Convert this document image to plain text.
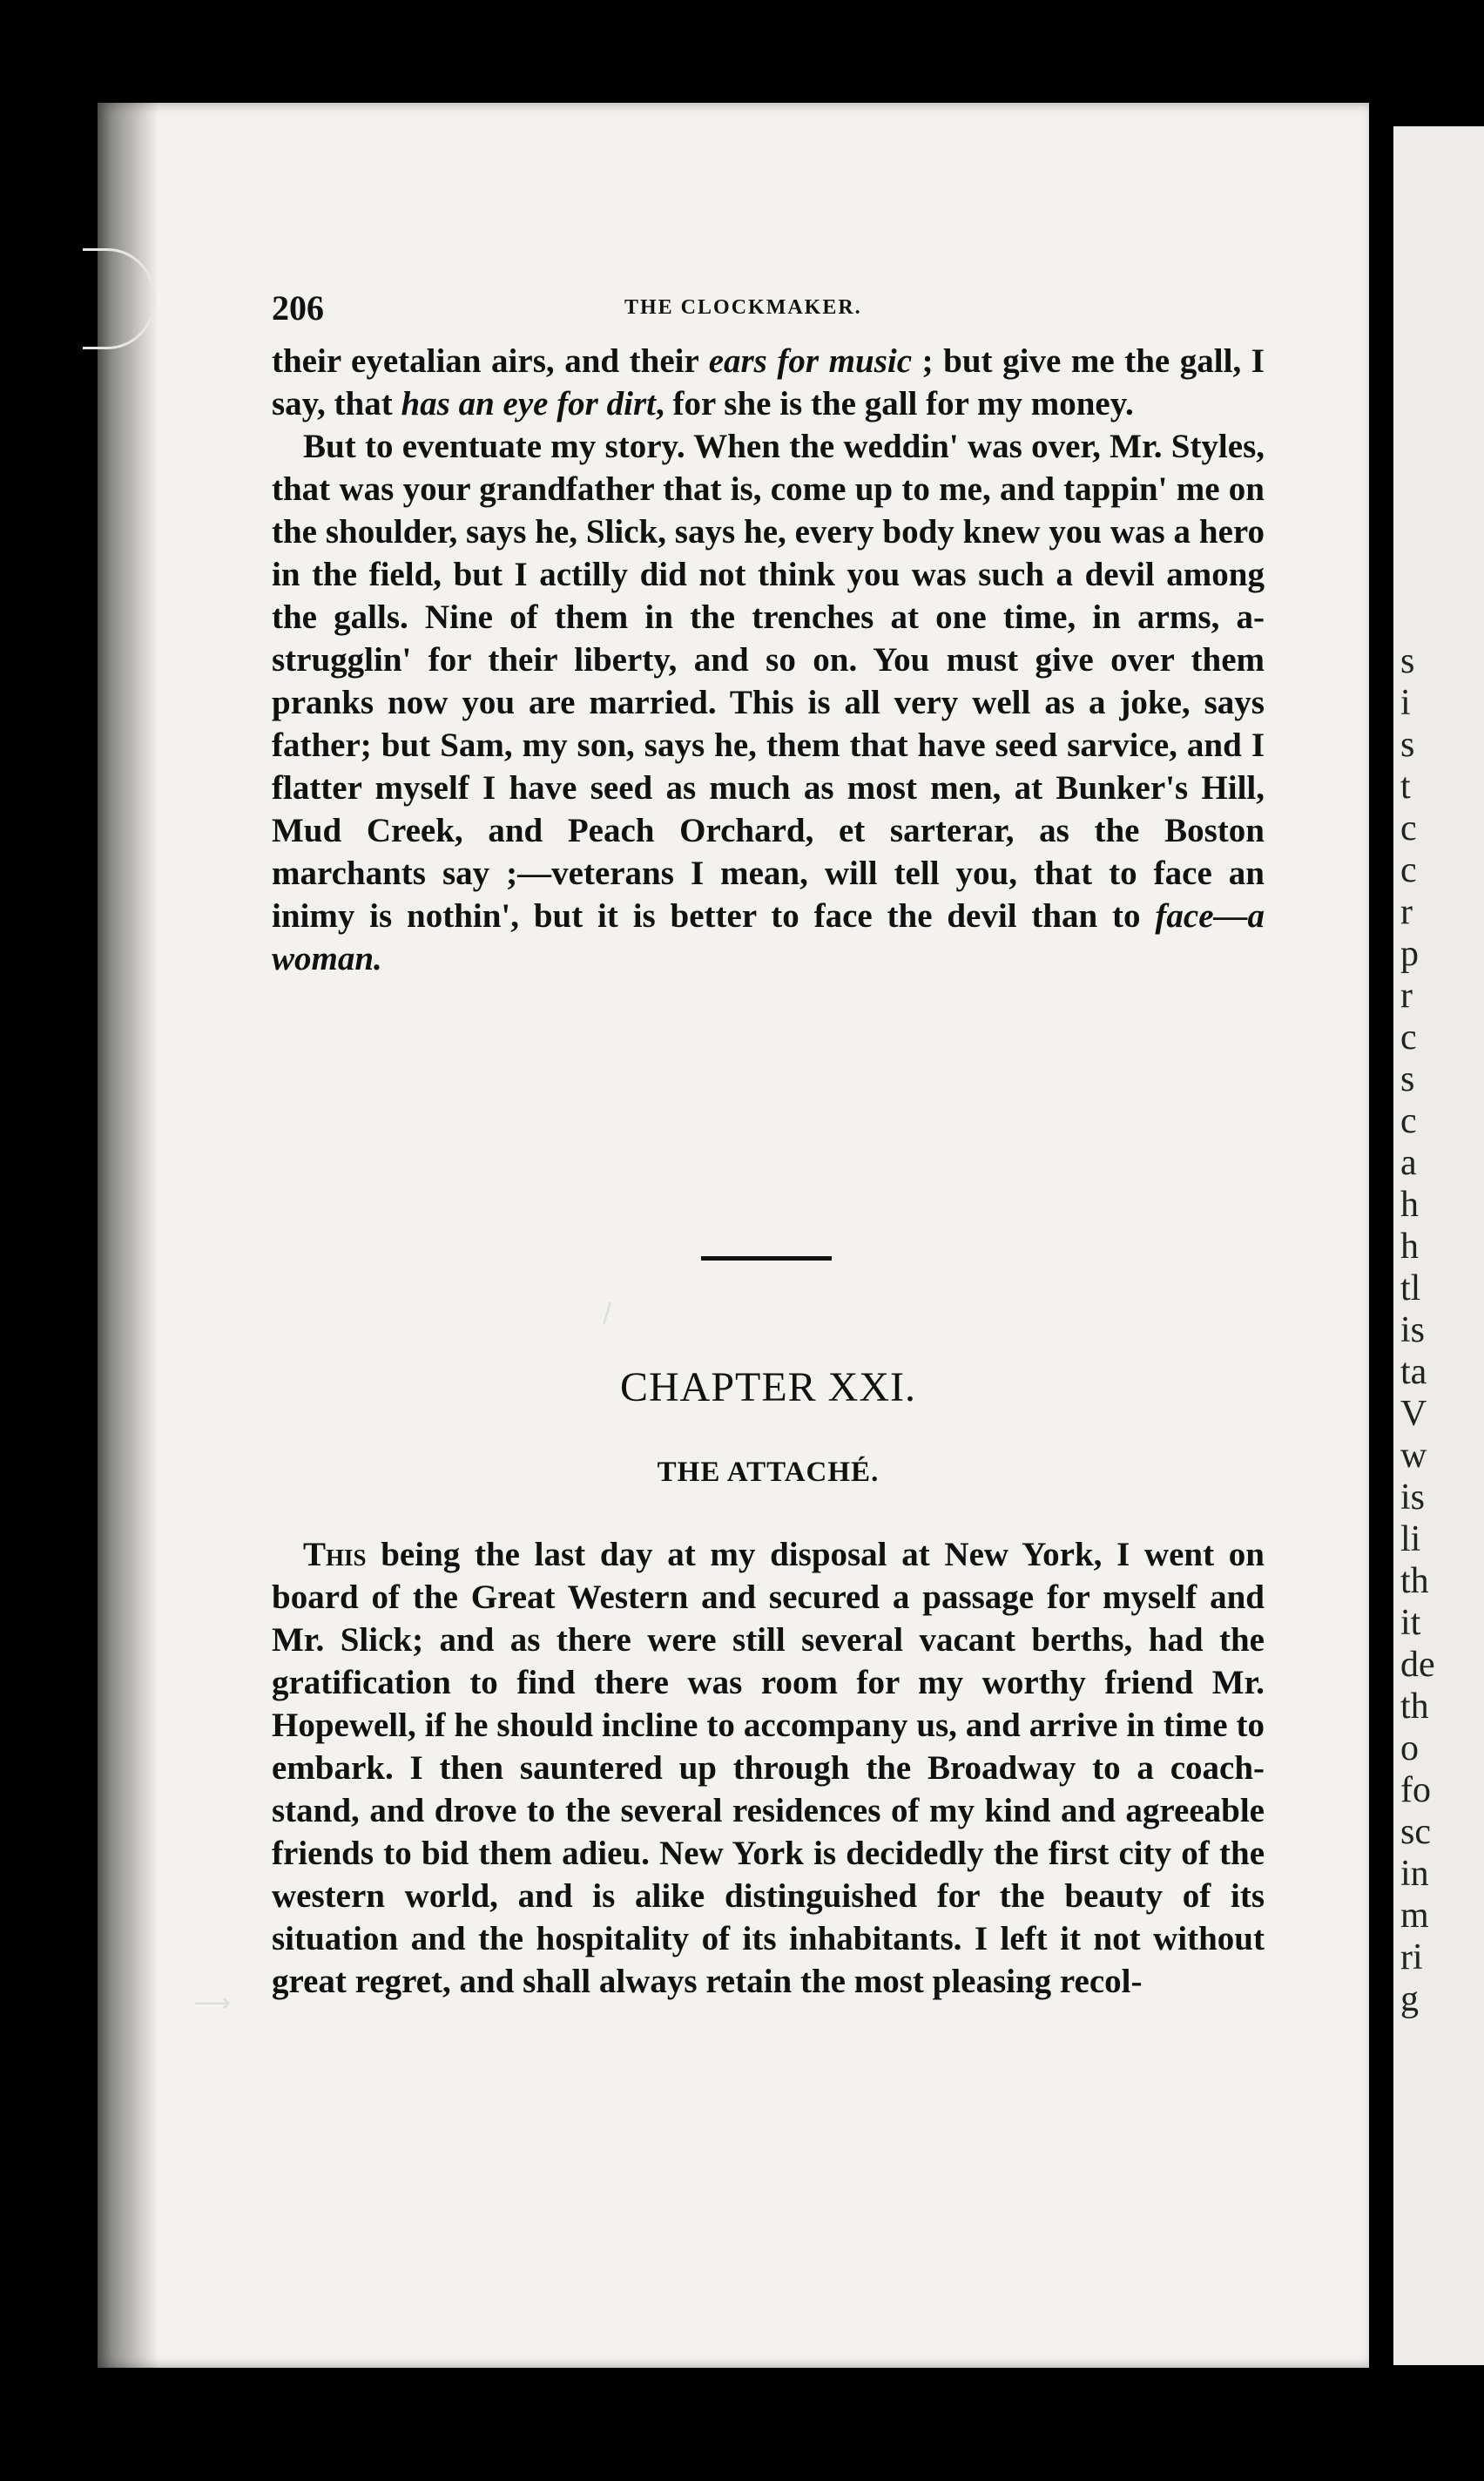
s
i
s
t
c
c
r
p
r
c
s
c
a
h
h
tl
is
ta
V
w
is
li
th
it
de
th
o
fo
sc
in
m
ri
g
206	THE CLOCKMAKER.

their eyetalian airs, and their ears for music ; but give me the gall, I say, that has an eye for dirt, for she is the gall for my money.

But to eventuate my story. When the weddin' was over, Mr. Styles, that was your grandfather that is, come up to me, and tappin' me on the shoulder, says he, Slick, says he, every body knew you was a hero in the field, but I actilly did not think you was such a devil among the galls. Nine of them in the trenches at one time, in arms, a-strugglin' for their liberty, and so on. You must give over them pranks now you are married. This is all very well as a joke, says father; but Sam, my son, says he, them that have seed sarvice, and I flatter myself I have seed as much as most men, at Bunker's Hill, Mud Creek, and Peach Orchard, et sarterar, as the Boston marchants say ;—veterans I mean, will tell you, that to face an inimy is nothin', but it is better to face the devil than to face—a woman.

CHAPTER XXI.
THE ATTACHÉ.

This being the last day at my disposal at New York, I went on board of the Great Western and secured a passage for myself and Mr. Slick; and as there were still several vacant berths, had the gratification to find there was room for my worthy friend Mr. Hopewell, if he should incline to accompany us, and arrive in time to embark. I then sauntered up through the Broadway to a coach-stand, and drove to the several residences of my kind and agreeable friends to bid them adieu. New York is decidedly the first city of the western world, and is alike distinguished for the beauty of its situation and the hospitality of its inhabitants. I left it not without great regret, and shall always retain the most pleasing recol-

/
⟶
